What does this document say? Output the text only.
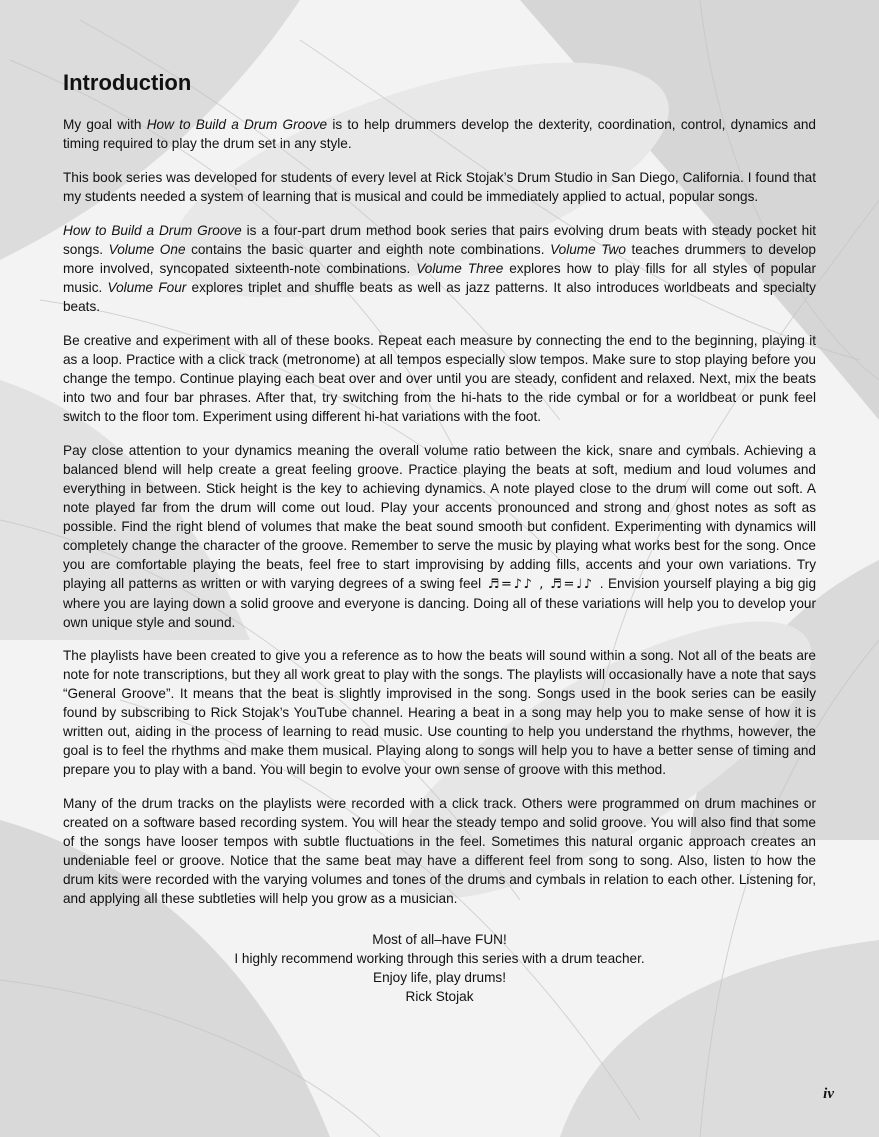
Introduction

My goal with How to Build a Drum Groove is to help drummers develop the dexterity, coordination, control, dynamics and timing required to play the drum set in any style.

This book series was developed for students of every level at Rick Stojak’s Drum Studio in San Diego, California. I found that my students needed a system of learning that is musical and could be immediately applied to actual, popular songs.

How to Build a Drum Groove is a four-part drum method book series that pairs evolving drum beats with steady pocket hit songs. Volume One contains the basic quarter and eighth note combinations. Volume Two teaches drummers to develop more involved, syncopated sixteenth-note combinations. Volume Three explores how to play fills for all styles of popular music. Volume Four explores triplet and shuffle beats as well as jazz patterns. It also introduces worldbeats and specialty beats.

Be creative and experiment with all of these books. Repeat each measure by connecting the end to the beginning, playing it as a loop. Practice with a click track (metronome) at all tempos especially slow tempos. Make sure to stop playing before you change the tempo. Continue playing each beat over and over until you are steady, confident and relaxed. Next, mix the beats into two and four bar phrases. After that, try switching from the hi-hats to the ride cymbal or for a worldbeat or punk feel switch to the floor tom. Experiment using different hi-hat variations with the foot.

Pay close attention to your dynamics meaning the overall volume ratio between the kick, snare and cymbals. Achieving a balanced blend will help create a great feeling groove. Practice playing the beats at soft, medium and loud volumes and everything in between. Stick height is the key to achieving dynamics. A note played close to the drum will come out soft. A note played far from the drum will come out loud. Play your accents pronounced and strong and ghost notes as soft as possible. Find the right blend of volumes that make the beat sound smooth but confident. Experimenting with dynamics will completely change the character of the groove. Remember to serve the music by playing what works best for the song. Once you are comfortable playing the beats, feel free to start improvising by adding fills, accents and your own variations. Try playing all patterns as written or with varying degrees of a swing feel ♬=♪♪ , ♬=♩♪ . Envision yourself playing a big gig where you are laying down a solid groove and everyone is dancing. Doing all of these variations will help you to develop your own unique style and sound.

The playlists have been created to give you a reference as to how the beats will sound within a song. Not all of the beats are note for note transcriptions, but they all work great to play with the songs. The playlists will occasionally have a note that says “General Groove”. It means that the beat is slightly improvised in the song. Songs used in the book series can be easily found by subscribing to Rick Stojak’s YouTube channel. Hearing a beat in a song may help you to make sense of how it is written out, aiding in the process of learning to read music. Use counting to help you understand the rhythms, however, the goal is to feel the rhythms and make them musical. Playing along to songs will help you to have a better sense of timing and prepare you to play with a band. You will begin to evolve your own sense of groove with this method.

Many of the drum tracks on the playlists were recorded with a click track. Others were programmed on drum machines or created on a software based recording system. You will hear the steady tempo and solid groove. You will also find that some of the songs have looser tempos with subtle fluctuations in the feel. Sometimes this natural organic approach creates an undeniable feel or groove. Notice that the same beat may have a different feel from song to song. Also, listen to how the drum kits were recorded with the varying volumes and tones of the drums and cymbals in relation to each other. Listening for, and applying all these subtleties will help you grow as a musician.

Most of all–have FUN!
I highly recommend working through this series with a drum teacher.
Enjoy life, play drums!
Rick Stojak
iv
